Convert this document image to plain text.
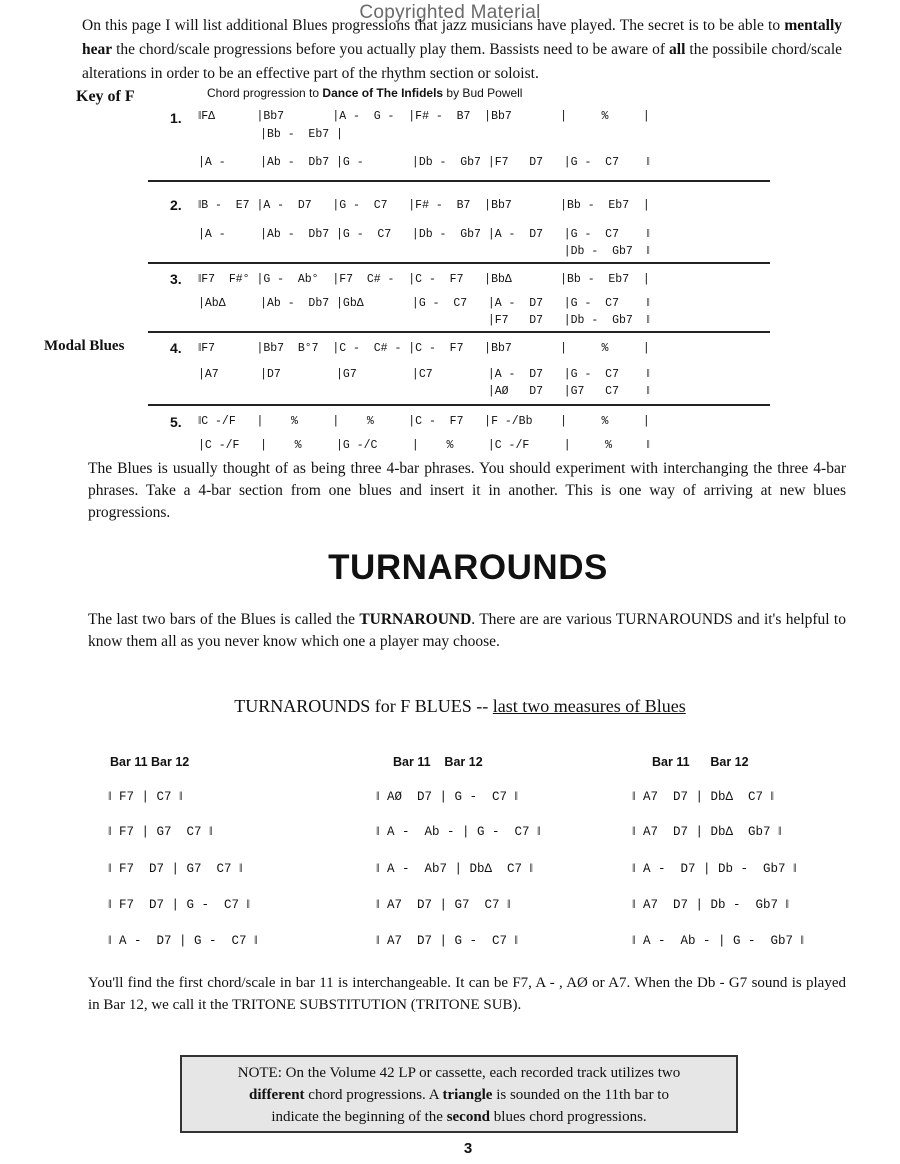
Copyrighted Material
On this page I will list additional Blues progressions that jazz musicians have played. The secret is to be able to mentally hear the chord/scale progressions before you actually play them. Bassists need to be aware of all the possibile chord/scale alterations in order to be an effective part of the rhythm section or soloist.
Key of F	Chord progression to Dance of The Infidels by Bud Powell
Modal Blues
1. ‖FΔ      |Bb7       |A -  G -  |F# -  B7  |Bb7       |     %     |
|Bb -  Eb7 |
|A -     |Ab -  Db7 |G -       |Db -  Gb7 |F7   D7   |G -  C7    ‖
2. ‖B -  E7 |A -  D7   |G -  C7   |F# -  B7  |Bb7       |Bb -  Eb7  |
|A -     |Ab -  Db7 |G -  C7   |Db -  Gb7 |A -  D7   |G -  C7    ‖
|Db -  Gb7  ‖
3. ‖F7  F#° |G -  Ab°  |F7  C# -  |C -  F7   |BbΔ       |Bb -  Eb7  |
|AbΔ     |Ab -  Db7 |GbΔ       |G -  C7   |A -  D7   |G -  C7    ‖
|F7   D7   |Db -  Gb7  ‖
4. ‖F7      |Bb7  B°7  |C -  C# - |C -  F7   |Bb7       |     %     |
|A7      |D7        |G7        |C7        |A -  D7   |G -  C7    ‖
|AØ   D7   |G7   C7    ‖
5. ‖C -/F   |    %     |    %     |C -  F7   |F -/Bb    |     %     |
|C -/F   |    %     |G -/C     |    %     |C -/F     |     %     ‖
The Blues is usually thought of as being three 4-bar phrases. You should experiment with interchanging the three 4-bar phrases. Take a 4-bar section from one blues and insert it in another. This is one way of arriving at new blues progressions.
TURNAROUNDS
The last two bars of the Blues is called the TURNAROUND. There are are various TURNAROUNDS and it's helpful to know them all as you never know which one a player may choose.
TURNAROUNDS for F BLUES -- last two measures of Blues
Bar 11 Bar 12
‖ F7 | C7 ‖
‖ F7 | G7  C7 ‖
‖ F7  D7 | G7  C7 ‖
‖ F7  D7 | G -  C7 ‖
‖ A -  D7 | G -  C7 ‖
Bar 11    Bar 12
‖ AØ  D7 | G -  C7 ‖
‖ A -  Ab - | G -  C7 ‖
‖ A -  Ab7 | DbΔ  C7 ‖
‖ A7  D7 | G7  C7 ‖
‖ A7  D7 | G -  C7 ‖
Bar 11      Bar 12
‖ A7  D7 | DbΔ  C7 ‖
‖ A7  D7 | DbΔ  Gb7 ‖
‖ A -  D7 | Db -  Gb7 ‖
‖ A7  D7 | Db -  Gb7 ‖
‖ A -  Ab - | G -  Gb7 ‖
You'll find the first chord/scale in bar 11 is interchangeable. It can be F7, A - , AØ or A7. When the Db - G7 sound is played in Bar 12, we call it the TRITONE SUBSTITUTION (TRITONE SUB).
NOTE: On the Volume 42 LP or cassette, each recorded track utilizes two
different chord progressions. A triangle is sounded on the 11th bar to
indicate the beginning of the second blues chord progressions.
3
